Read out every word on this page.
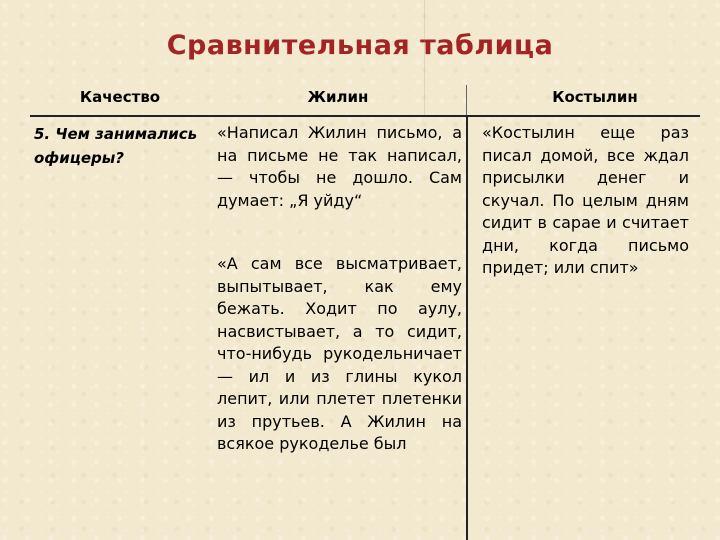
Сравнительная таблица
Качество	Жилин	Костылин
5. Чем занимались офицеры?
«Написал Жилин письмо, а на письме не так написал, — чтобы не дошло. Сам думает: „Я уйду“
«А сам все высматривает, выпытывает, как ему бежать. Ходит по аулу, насвистывает, а то сидит, что-нибудь рукодельничает — ил и из глины кукол лепит, или плетет плетенки из прутьев. А Жилин на всякое рукоделье был
«Костылин еще раз писал домой, все ждал присылки денег и скучал. По целым дням сидит в сарае и считает дни, когда письмо придет; или спит»
